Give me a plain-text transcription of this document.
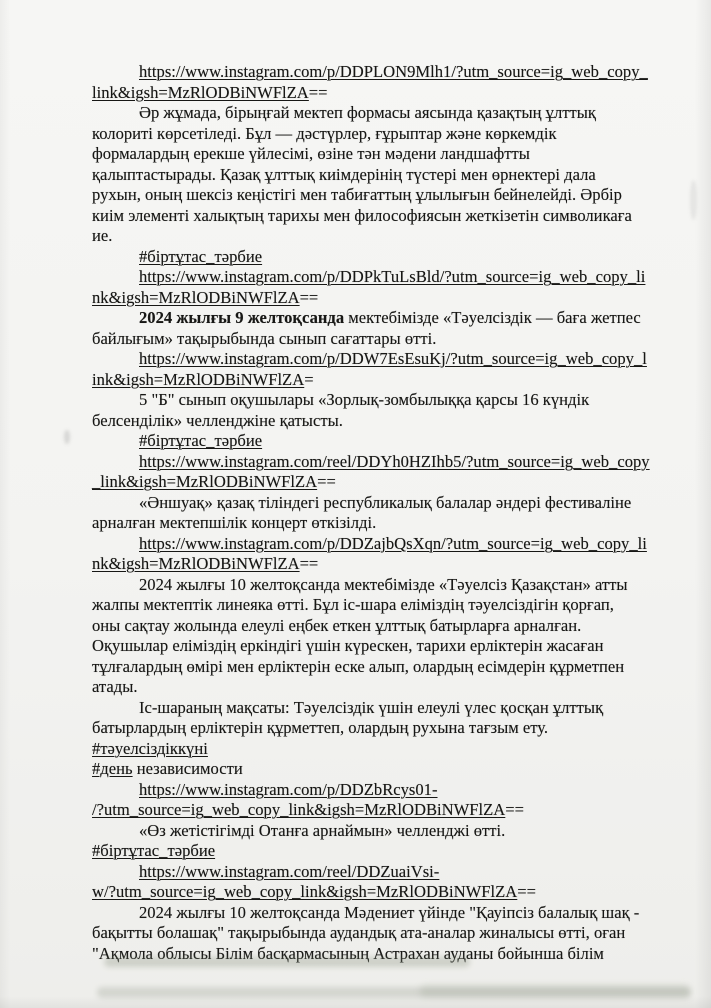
https://www.instagram.com/p/DDPLON9Mlh1/?utm_source=ig_web_copy_
link&igsh=MzRlODBiNWFlZA==
Әр жұмада, бірыңғай мектеп формасы аясында қазақтың ұлттық
колориті көрсетіледі. Бұл — дәстүрлер, ғұрыптар және көркемдік
формалардың ерекше үйлесімі, өзіне тән мәдени ландшафтты
қалыптастырады. Қазақ ұлттық киімдерінің түстері мен өрнектері дала
рухын, оның шексіз кеңістігі мен табиғаттың ұлылығын бейнелейді. Әрбір
киім элементі халықтың тарихы мен философиясын жеткізетін символикаға
ие.
#біртұтас_тәрбие
https://www.instagram.com/p/DDPkTuLsBld/?utm_source=ig_web_copy_li
nk&igsh=MzRlODBiNWFlZA==
2024 жылғы 9 желтоқсанда мектебімізде «Тәуелсіздік — баға жетпес
байлығым» тақырыбында сынып сағаттары өтті.
https://www.instagram.com/p/DDW7EsEsuKj/?utm_source=ig_web_copy_l
ink&igsh=MzRlODBiNWFlZA=
5 "Б" сынып оқушылары «Зорлық-зомбылыққа қарсы 16 күндік
белсенділік» челленджіне қатысты.
#біртұтас_тәрбие
https://www.instagram.com/reel/DDYh0HZIhb5/?utm_source=ig_web_copy
_link&igsh=MzRlODBiNWFlZA==
«Әншуақ» қазақ тіліндегі республикалық балалар әндері фестиваліне
арналған мектепшілік концерт өткізілді.
https://www.instagram.com/p/DDZajbQsXqn/?utm_source=ig_web_copy_li
nk&igsh=MzRlODBiNWFlZA==
2024 жылғы 10 желтоқсанда мектебімізде «Тәуелсіз Қазақстан» атты
жалпы мектептік линеяка өтті. Бұл іс-шара еліміздің тәуелсіздігін қорғап,
оны сақтау жолында елеулі еңбек еткен ұлттық батырларға арналған.
Оқушылар еліміздің еркіндігі үшін күрескен, тарихи ерліктерін жасаған
тұлғалардың өмірі мен ерліктерін еске алып, олардың есімдерін құрметпен
атады.
Іс-шараның мақсаты: Тәуелсіздік үшін елеулі үлес қосқан ұлттық
батырлардың ерліктерін құрметтеп, олардың рухына тағзым ету.
#тәуелсіздіккүні
#день независимости
https://www.instagram.com/p/DDZbRcys01-
/?utm_source=ig_web_copy_link&igsh=MzRlODBiNWFlZA==
«Өз жетістігімді Отанға арнаймын» челленджі өтті.
#біртұтас_тәрбие
https://www.instagram.com/reel/DDZuaiVsi-
w/?utm_source=ig_web_copy_link&igsh=MzRlODBiNWFlZA==
2024 жылғы 10 желтоқсанда Мәдениет үйінде "Қауіпсіз балалық шақ -
бақытты болашақ" тақырыбында аудандық ата-аналар жиналысы өтті, оған
"Ақмола облысы Білім басқармасының Астрахан ауданы бойынша білім
